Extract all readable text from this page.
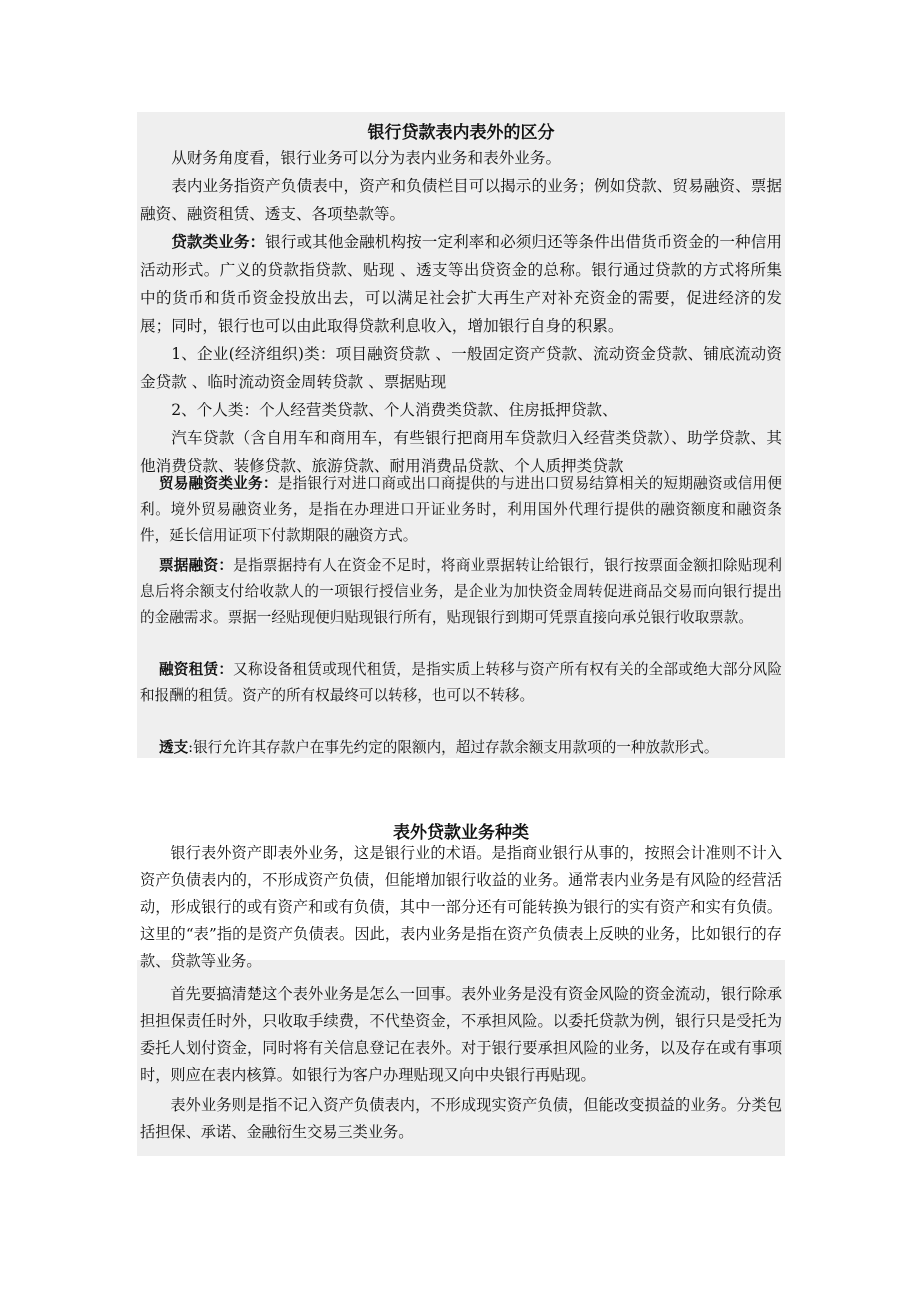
银行贷款表内表外的区分

从财务角度看，银行业务可以分为表内业务和表外业务。

表内业务指资产负债表中，资产和负债栏目可以揭示的业务；例如贷款、贸易融资、票据融资、融资租赁、透支、各项垫款等。

贷款类业务：银行或其他金融机构按一定利率和必须归还等条件出借货币资金的一种信用活动形式。广义的贷款指贷款、贴现 、透支等出贷资金的总称。银行通过贷款的方式将所集中的货币和货币资金投放出去，可以满足社会扩大再生产对补充资金的需要，促进经济的发展；同时，银行也可以由此取得贷款利息收入，增加银行自身的积累。

1、企业(经济组织)类：项目融资贷款 、一般固定资产贷款、流动资金贷款、铺底流动资金贷款 、临时流动资金周转贷款 、票据贴现

2、个人类：个人经营类贷款、个人消费类贷款、住房抵押贷款、

汽车贷款（含自用车和商用车，有些银行把商用车贷款归入经营类贷款）、助学贷款、其他消费贷款、装修贷款、旅游贷款、耐用消费品贷款、个人质押类贷款

贸易融资类业务：是指银行对进口商或出口商提供的与进出口贸易结算相关的短期融资或信用便利。境外贸易融资业务，是指在办理进口开证业务时，利用国外代理行提供的融资额度和融资条件，延长信用证项下付款期限的融资方式。

票据融资：是指票据持有人在资金不足时，将商业票据转让给银行，银行按票面金额扣除贴现利息后将余额支付给收款人的一项银行授信业务，是企业为加快资金周转促进商品交易而向银行提出的金融需求。票据一经贴现便归贴现银行所有，贴现银行到期可凭票直接向承兑银行收取票款。

融资租赁：又称设备租赁或现代租赁，是指实质上转移与资产所有权有关的全部或绝大部分风险和报酬的租赁。资产的所有权最终可以转移，也可以不转移。

透支:银行允许其存款户在事先约定的限额内，超过存款余额支用款项的一种放款形式。

表外贷款业务种类

银行表外资产即表外业务，这是银行业的术语。是指商业银行从事的，按照会计准则不计入资产负债表内的，不形成资产负债，但能增加银行收益的业务。通常表内业务是有风险的经营活动，形成银行的或有资产和或有负债，其中一部分还有可能转换为银行的实有资产和实有负债。 这里的“表”指的是资产负债表。因此，表内业务是指在资产负债表上反映的业务，比如银行的存款、贷款等业务。

首先要搞清楚这个表外业务是怎么一回事。表外业务是没有资金风险的资金流动，银行除承担担保责任时外，只收取手续费，不代垫资金，不承担风险。以委托贷款为例，银行只是受托为委托人划付资金，同时将有关信息登记在表外。对于银行要承担风险的业务，以及存在或有事项时，则应在表内核算。如银行为客户办理贴现又向中央银行再贴现。

表外业务则是指不记入资产负债表内，不形成现实资产负债，但能改变损益的业务。分类包括担保、承诺、金融衍生交易三类业务。
